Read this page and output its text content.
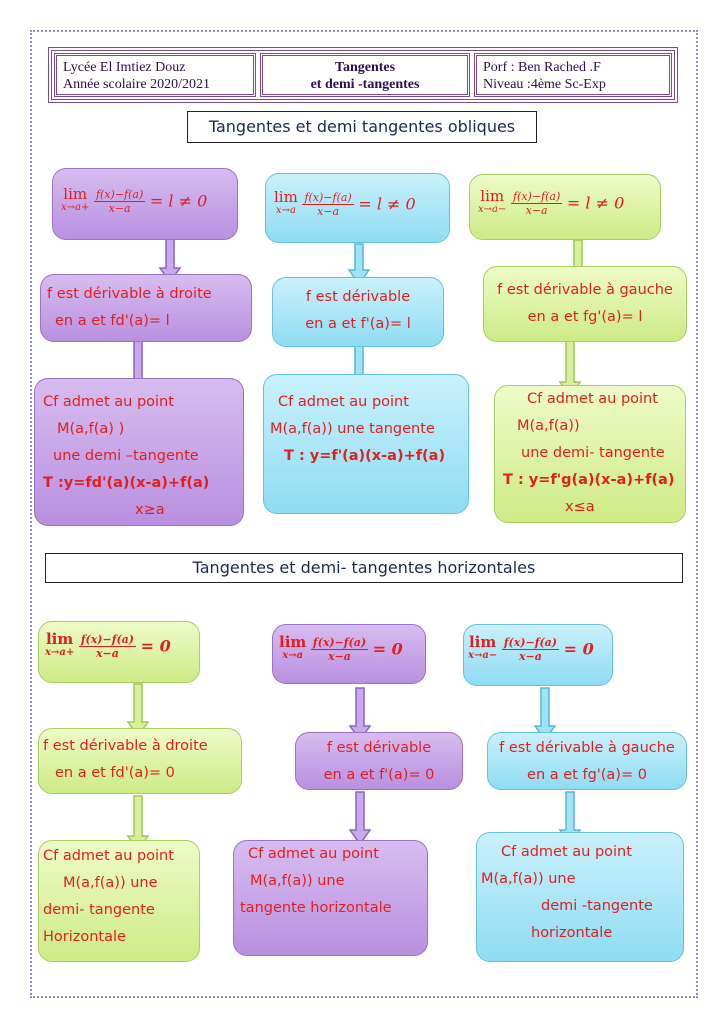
Lycée El Imtiez Douz
Année scolaire 2020/2021
Tangentes
et demi -tangentes
Porf : Ben Rached .F
Niveau :4ème Sc-Exp
Tangentes et demi tangentes obliques
lim
x→a+
$\frac{f(x)-f(a)}{x-a} = l \ne 0$
f est dérivable à droite
en a et fd'(a)= l
Cf admet au point
M(a,f(a) )
une demi –tangente
T :y=fd'(a)(x-a)+f(a)
x≥a
lim
x→a
$\frac{f(x)-f(a)}{x-a} = l \ne 0$
f est dérivable
en a et f'(a)= l
Cf admet au point
M(a,f(a)) une tangente
T : y=f'(a)(x-a)+f(a)
lim
x→a−
$\frac{f(x)-f(a)}{x-a} = l \ne 0$
f est dérivable à gauche
en a et fg'(a)= l
Cf admet au point
M(a,f(a))
une demi- tangente
T : y=f'g(a)(x-a)+f(a)
x≤a
Tangentes et demi- tangentes horizontales
lim
x→a+
$\frac{f(x)-f(a)}{x-a} = 0$
f est dérivable à droite
en a et fd'(a)= 0
Cf admet au point
M(a,f(a)) une
demi- tangente
Horizontale
lim
x→a
$\frac{f(x)-f(a)}{x-a} = 0$
f est dérivable
en a et f'(a)= 0
Cf admet au point
M(a,f(a)) une
tangente horizontale
lim
x→a−
$\frac{f(x)-f(a)}{x-a} = 0$
f est dérivable à gauche
en a et fg'(a)= 0
Cf admet au point
M(a,f(a)) une
demi -tangente
horizontale
